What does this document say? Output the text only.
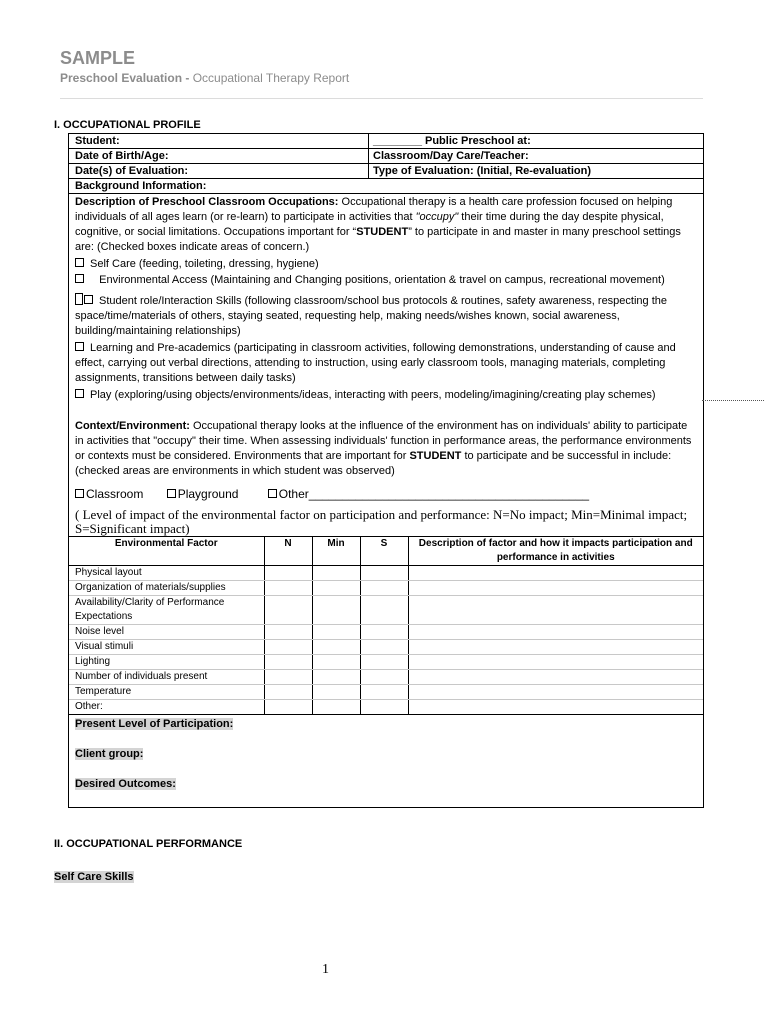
SAMPLE
Preschool Evaluation - Occupational Therapy Report
I. OCCUPATIONAL PROFILE
Student:	________ Public Preschool at:
Date of Birth/Age:	Classroom/Day Care/Teacher:
Date(s) of Evaluation:	Type of Evaluation: (Initial, Re-evaluation)
Background Information:

Description of Preschool Classroom Occupations: Occupational therapy is a health care profession focused on helping individuals of all ages learn (or re-learn) to participate in activities that "occupy" their time during the day despite physical, cognitive, or social limitations. Occupations important for “STUDENT” to participate in and master in many preschool settings are: (Checked boxes indicate areas of concern.)

Self Care (feeding, toileting, dressing, hygiene)

Environmental Access (Maintaining and Changing positions, orientation & travel on campus, recreational movement)

Student role/Interaction Skills (following classroom/school bus protocols & routines, safety awareness, respecting the space/time/materials of others, staying seated, requesting help, making needs/wishes known, social awareness, building/maintaining relationships)

Learning and Pre-academics (participating in classroom activities, following demonstrations, understanding of cause and effect, carrying out verbal directions, attending to instruction, using early classroom tools, managing materials, completing assignments, transitions between daily tasks)

Play (exploring/using objects/environments/ideas, interacting with peers, modeling/imagining/creating play schemes)

Context/Environment: Occupational therapy looks at the influence of the environment has on individuals' ability to participate in activities that "occupy" their time. When assessing individuals' function in performance areas, the performance environments or contexts must be considered. Environments that are important for STUDENT to participate and be successful in include: (checked areas are environments in which student was observed)

Classroom	Playground	Other__________________________________________

( Level of impact of the environmental factor on participation and performance: N=No impact; Min=Minimal impact; S=Significant impact)
Environmental Factor	N	Min	S	Description of factor and how it impacts participation and performance in activities
Physical layout				
Organization of materials/supplies				
Availability/Clarity of Performance Expectations				
Noise level				
Visual stimuli				
Lighting				
Number of individuals present				
Temperature				
Other:				
Present Level of Participation:
Client group:
Desired Outcomes:
II. OCCUPATIONAL PERFORMANCE
Self Care Skills
1
